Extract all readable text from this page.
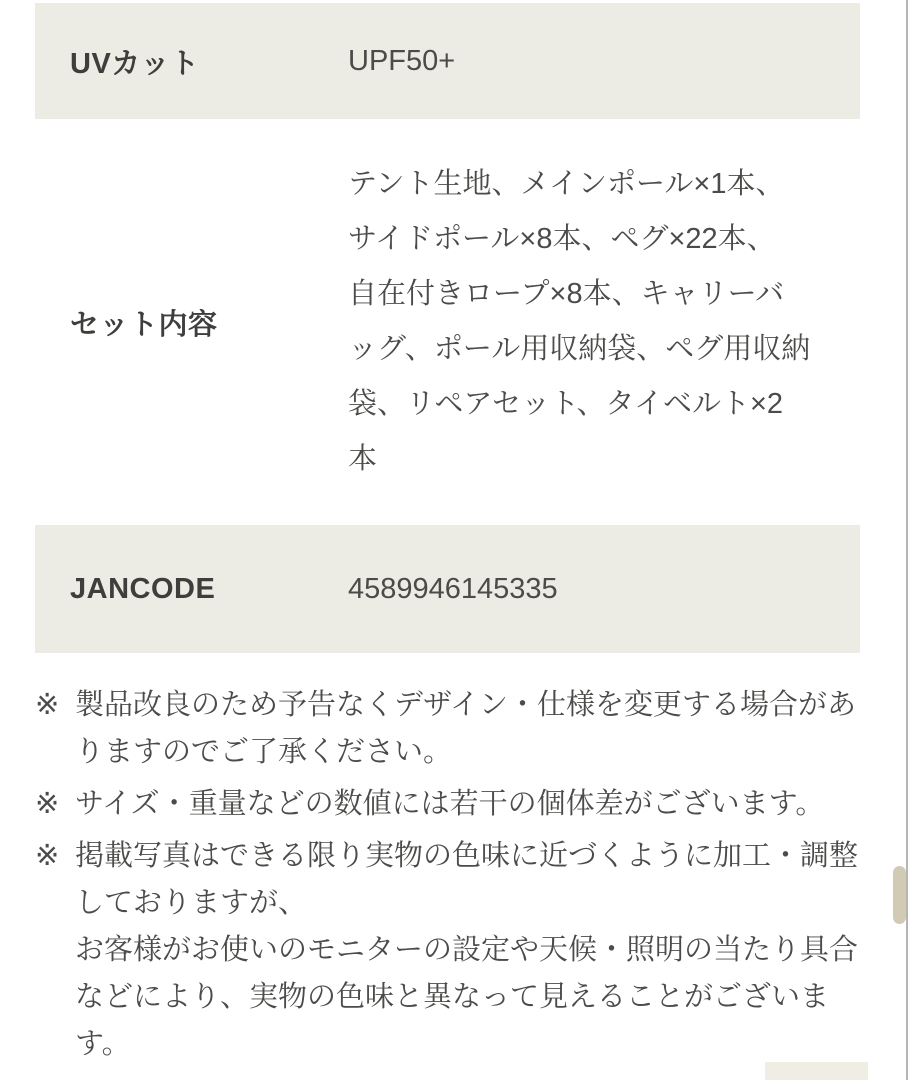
UVカット	UPF50+
セット内容
テント生地、メインポール×1本、
サイドポール×8本、ペグ×22本、
自在付きロープ×8本、キャリーバ
ッグ、ポール用収納袋、ペグ用収納
袋、リペアセット、タイベルト×2
本
JANCODE	4589946145335
※ 製品改良のため予告なくデザイン・仕様を変更する場合がありますのでご了承ください。
※ サイズ・重量などの数値には若干の個体差がございます。
※ 掲載写真はできる限り実物の色味に近づくように加工・調整しておりますが、
お客様がお使いのモニターの設定や天候・照明の当たり具合などにより、実物の色味と異なって見えることがございます。
